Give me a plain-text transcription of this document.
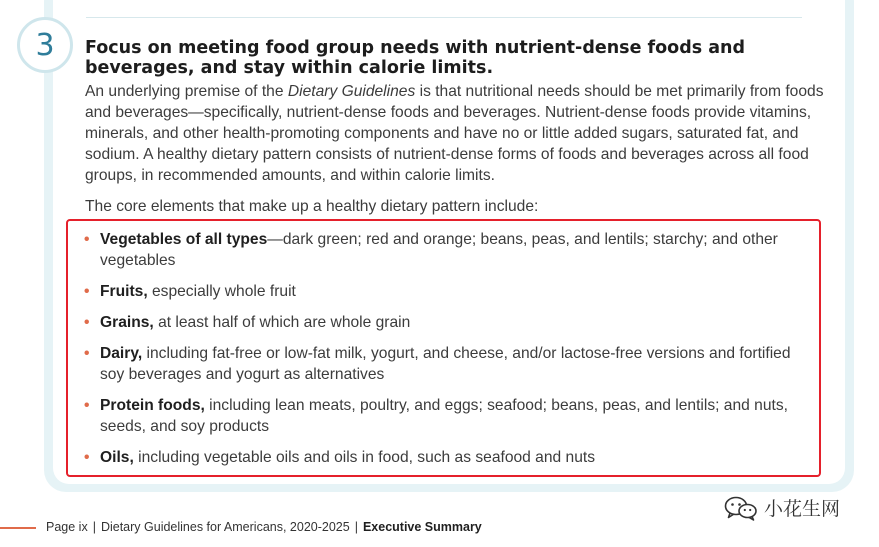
3 Focus on meeting food group needs with nutrient-dense foods and beverages, and stay within calorie limits.

An underlying premise of the Dietary Guidelines is that nutritional needs should be met primarily from foods and beverages—specifically, nutrient-dense foods and beverages. Nutrient-dense foods provide vitamins, minerals, and other health-promoting components and have no or little added sugars, saturated fat, and sodium. A healthy dietary pattern consists of nutrient-dense forms of foods and beverages across all food groups, in recommended amounts, and within calorie limits.

The core elements that make up a healthy dietary pattern include:

• Vegetables of all types—dark green; red and orange; beans, peas, and lentils; starchy; and other vegetables
• Fruits, especially whole fruit
• Grains, at least half of which are whole grain
• Dairy, including fat-free or low-fat milk, yogurt, and cheese, and/or lactose-free versions and fortified soy beverages and yogurt as alternatives
• Protein foods, including lean meats, poultry, and eggs; seafood; beans, peas, and lentils; and nuts, seeds, and soy products
• Oils, including vegetable oils and oils in food, such as seafood and nuts
Page ix | Dietary Guidelines for Americans, 2020-2025 | Executive Summary
小花生网
